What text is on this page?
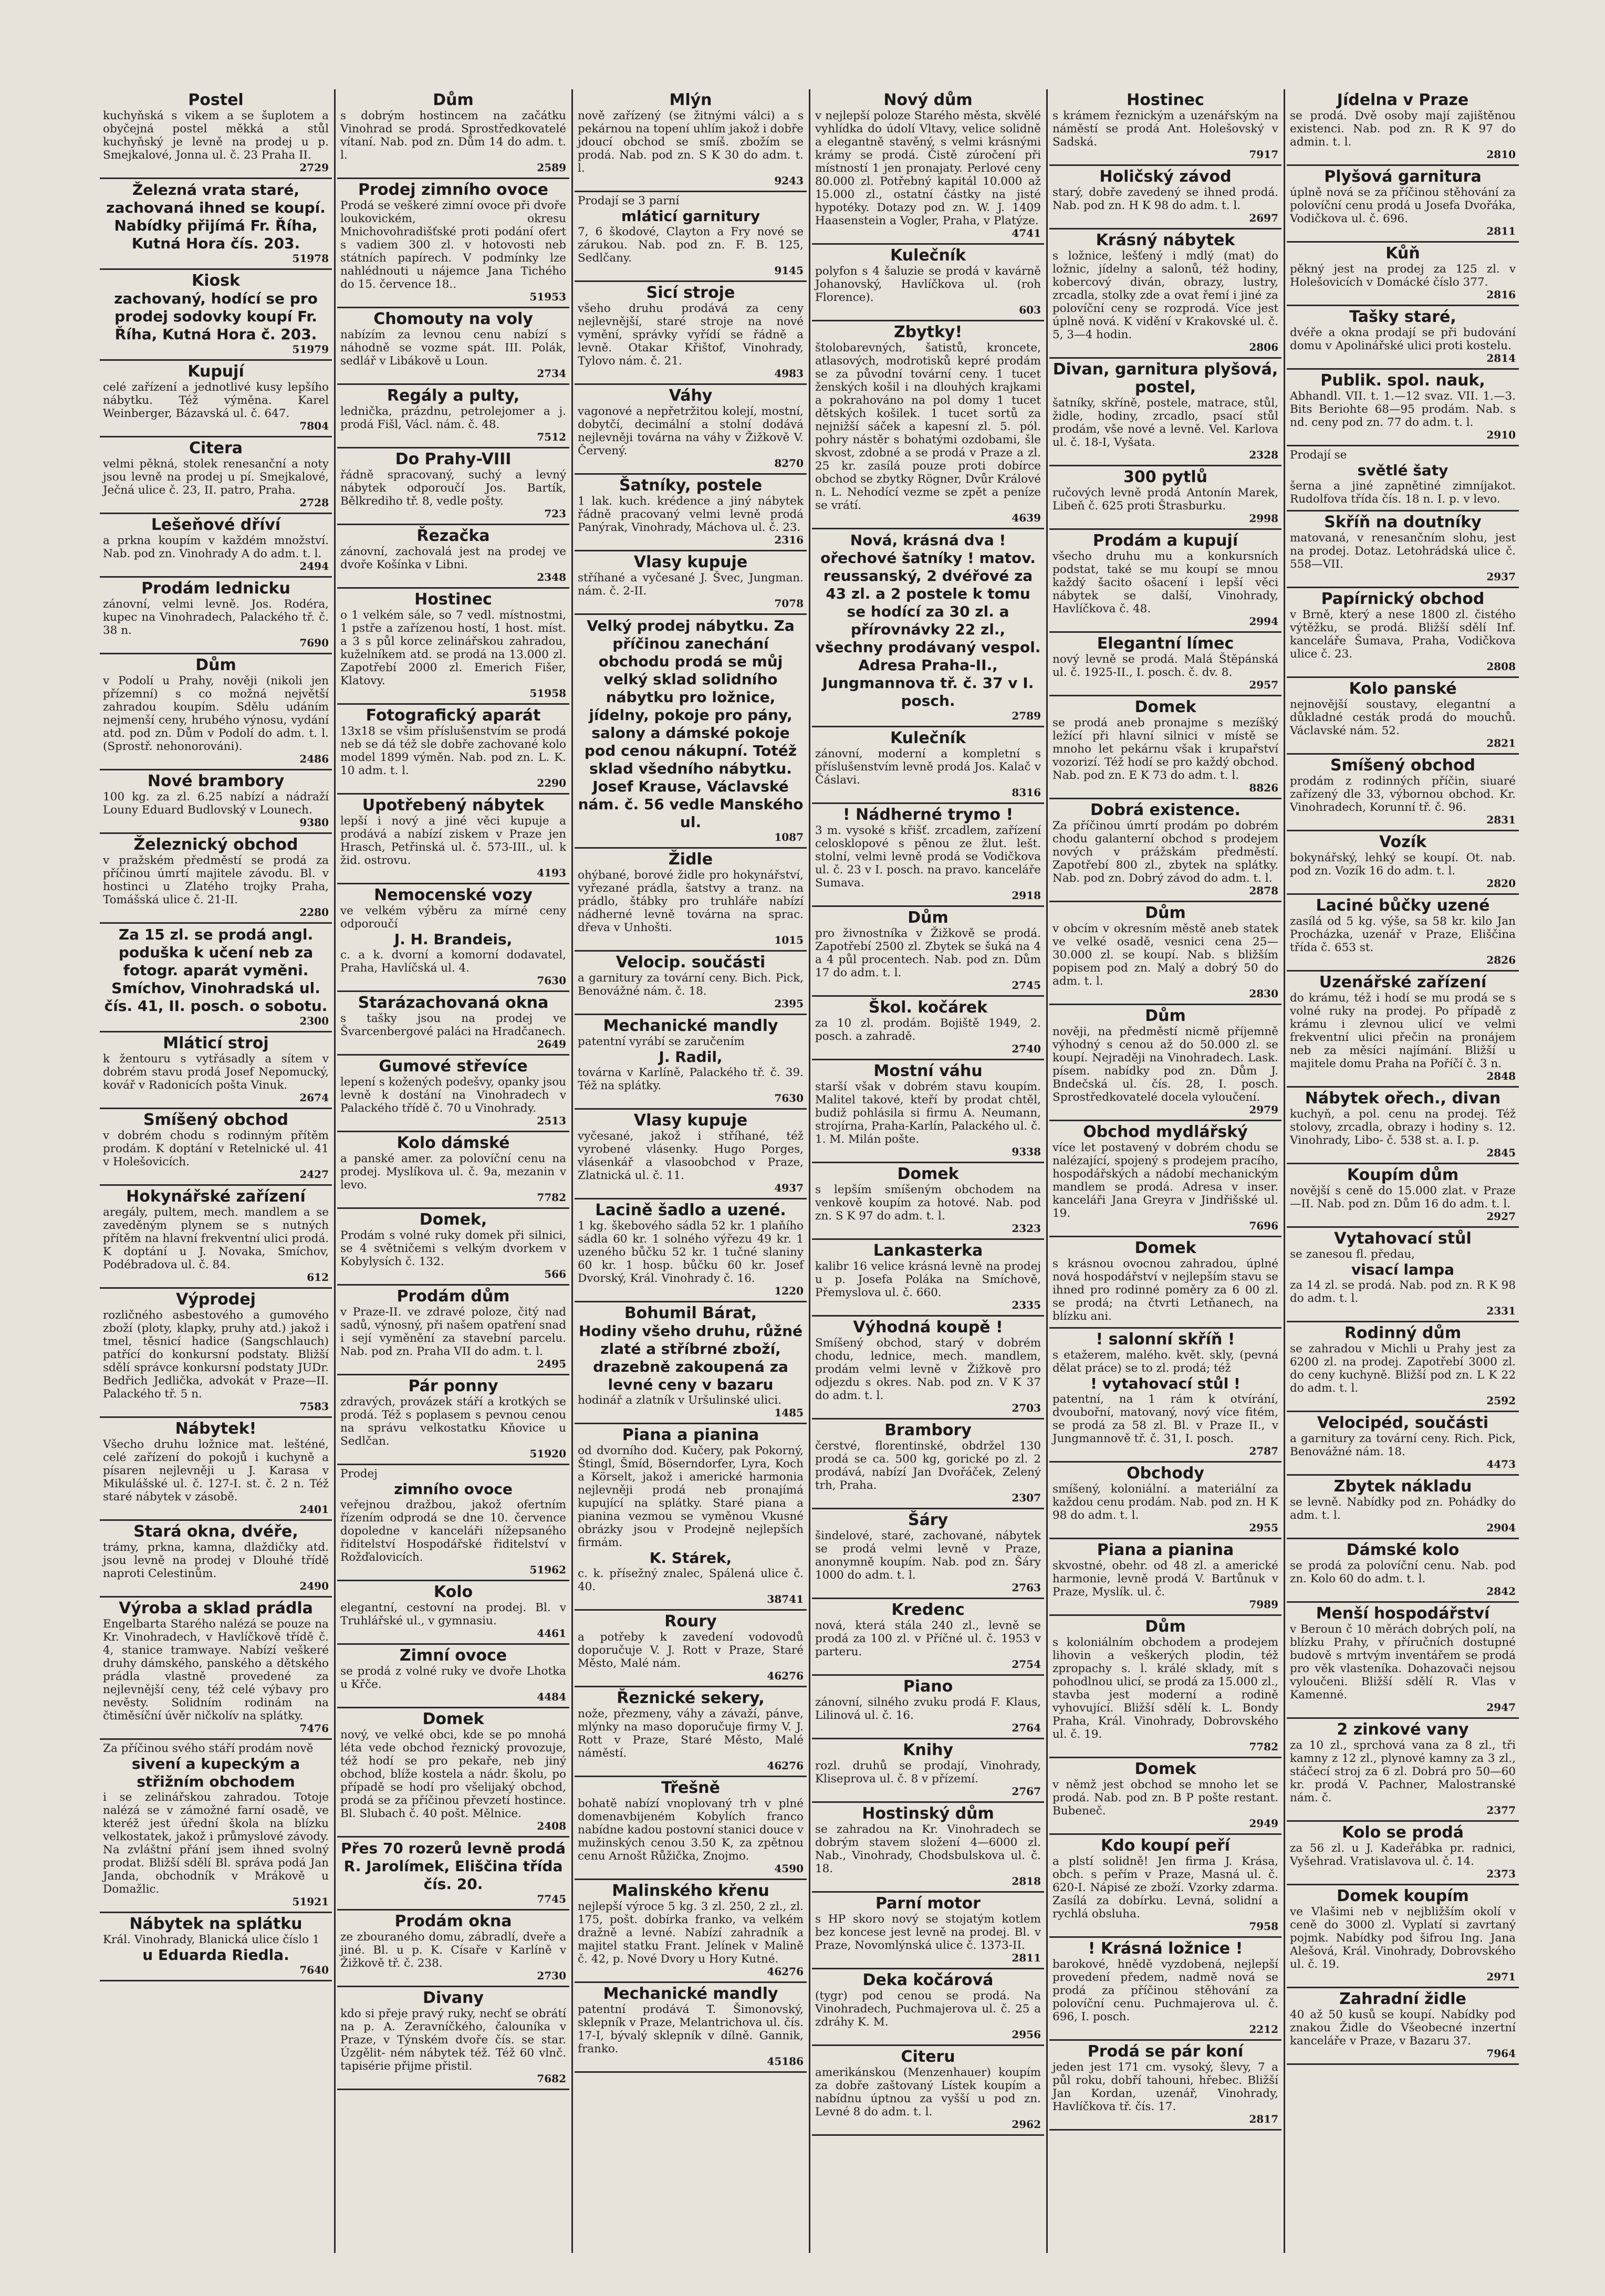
Postel
kuchyňská s vikem a se šuplotem a obyčejná postel měkká a stůl kuchyňský je levně na prodej u p. Smejkalové, Jonna ul. č. 23 Praha II.
2729
Železná vrata staré, zachovaná ihned se koupí. Nabídky přijímá Fr. Říha, Kutná Hora čís. 203.
51978
Kiosk
zachovaný, hodící se pro prodej sodovky koupí Fr. Říha, Kutná Hora č. 203.
51979
Kupují
celé zařízení a jednotlivé kusy lepšího nábytku. Též výměna. Karel Weinberger, Bázavská ul. č. 647.
7804
Citera
velmi pěkná, stolek renesanční a noty jsou levně na prodej u pí. Smejkalové, Ječná ulice č. 23, II. patro, Praha.
2728
Lešeňové dříví
a prkna koupím v každém množství. Nab. pod zn. Vinohrady A do adm. t. l.
2494
Prodám lednicku
zánovní, velmi levně. Jos. Rodéra, kupec na Vinohradech, Palackého tř. č. 38 n.
7690
Dům
v Podolí u Prahy, nověji (nikoli jen přízemní) s co možná největší zahradou koupím. Sdělu udáním nejmenší ceny, hrubého výnosu, vydání atd. pod zn. Dům v Podolí do adm. t. l. (Sprostř. nehonorováni).
2486
Nové brambory
100 kg. za zl. 6.25 nabízí a nádraží Louny Eduard Budlovský v Lounech.
9380
Železnický obchod
v pražském předměstí se prodá za příčinou úmrtí majitele závodu. Bl. v hostinci u Zlatého trojky Praha, Tomášská ulice č. 21-II.
2280
Za 15 zl. se prodá angl. poduška k učení neb za fotogr. aparát vyměni. Smíchov, Vinohradská ul. čís. 41, II. posch. o sobotu.
2300
Mláticí stroj
k žentouru s vytřásadly a sítem v dobrém stavu prodá Josef Nepomucký, kovář v Radonicích pošta Vinuk.
2674
Smíšený obchod
v dobrém chodu s rodinným přítěm prodám. K doptání v Retelnické ul. 41 v Holešovicích.
2427
Hokynářské zařízení
aregály, pultem, mech. mandlem a se zaveděným plynem se s nutných přítěm na hlavní frekventní ulici prodá. K doptání u J. Novaka, Smíchov, Podébradova ul. č. 84.
612
Výprodej
rozličného asbestového a gumového zboží (ploty, klapky, pruhy atd.) jakož i tmel, těsnicí hadice (Sangschlauch) patřící do konkursní podstaty. Bližší sdělí správce konkursní podstaty JUDr. Bedřich Jedlička, advokát v Praze—II. Palackého tř. 5 n.
7583
Nábytek!
Všecho druhu ložnice mat. lešténé, celé zařízení do pokojů i kuchyně a písaren nejlevněji u J. Karasa v Mikulášské ul. č. 127-I. st. č. 2 n. Též staré nábytek v zásobě.
2401
Stará okna, dvéře,
trámy, prkna, kamna, dlaždičky atd. jsou levně na prodej v Dlouhé třídě naproti Celestinům.
2490
Výroba a sklad prádla
Engelbarta Starého nalézá se pouze na Kr. Vinohradech, v Havlíčkově třídě č. 4, stanice tramwaye. Nabízí veškeré druhy dámského, panského a dětského prádla vlastně provedené za nejlevnější ceny, též celé výbavy pro nevěsty. Solidním rodinám na čtiměsíční úvěr ničkolív na splátky.
7476
Za příčinou svého stáří prodám nově
sivení a kupeckým a střižním obchodem
i se zelinářskou zahradou. Totoje nalézá se v zámožné farní osadě, ve kteréž jest úřední škola na blízku velkostatek, jakož i průmyslové závody. Na zvláštní přání jsem ihned svolný prodat. Bližší sdělí Bl. správa podá Jan Janda, obchodník v Mrákově u Domažlic.
51921
Nábytek na splátku
Král. Vinohrady, Blanická ulice číslo 1
u Eduarda Riedla.
7640
Dům
s dobrým hostincem na začátku Vinohrad se prodá. Sprostředkovatelé vítaní. Nab. pod zn. Dům 14 do adm. t. l.
2589
Prodej zimního ovoce
Prodá se veškeré zimní ovoce při dvoře loukovickém, okresu Mnichovohradišťské proti podání ofert s vadiem 300 zl. v hotovosti neb státních papírech. V podmínky lze nahlédnouti u nájemce Jana Tichého do 15. července 18..
51953
Chomouty na voly
nabízím za levnou cenu nabízí s náhodně se vozme spát. III. Polák, sedlář v Libákově u Loun.
2734
Regály a pulty,
lednička, prázdnu, petrolejomer a j. prodá Fišl, Václ. nám. č. 48.
7512
Do Prahy-VIII
řádně spracovaný, suchý a levný nábytek odporoučí Jos. Bartík, Bělkrediho tř. 8, vedle pošty.
723
Řezačka
zánovní, zachovalá jest na prodej ve dvoře Košínka v Libni.
2348
Hostinec
o 1 velkém sále, so 7 vedl. místnostmi, 1 pstře a zařízenou hostí, 1 host. míst. a 3 s půl korce zelinářskou zahradou, kuželníkem atd. se prodá na 13.000 zl. Zapotřebí 2000 zl. Emerich Fišer, Klatovy.
51958
Fotografický aparát
13x18 se všim příslušenstvím se prodá neb se dá též sle dobře zachované kolo model 1899 výměn. Nab. pod zn. L. K. 10 adm. t. l.
2290
Upotřebený nábytek
lepší i nový a jiné věci kupuje a prodává a nabízí ziskem v Praze jen Hrasch, Petřinská ul. č. 573-III., ul. k žid. ostrovu.
4193
Nemocenské vozy
ve velkém výběru za mírné ceny odporoučí
J. H. Brandeis,
c. a k. dvorní a komorní dodavatel, Praha, Havlíčská ul. 4.
7630
Starázachovaná okna
s tašky jsou na prodej ve Švarcenbergové paláci na Hradčanech.
2649
Gumové střevíce
lepení s kožených podešvy, opanky jsou levně k dostání na Vinohradech v Palackého třídě č. 70 u Vinohrady.
2513
Kolo dámské
a panské amer. za polovíční cenu na prodej. Myslíkova ul. č. 9a, mezanin v levo.
7782
Domek,
Prodám s volné ruky domek při silnici, se 4 světničemi s velkým dvorkem v Kobylysích č. 132.
566
Prodám dům
v Praze-II. ve zdravé poloze, čitý nad sadů, výnosný, při našem opatření snad i sejí vyměnění za stavební parcelu. Nab. pod zn. Praha VII do adm. t. l.
2495
Pár ponny
zdravých, provázek stáří a krotkých se prodá. Též s poplasem s pevnou cenou na správu velkostatku Kňovice u Sedlčan.
51920
Prodej
zimního ovoce
veřejnou dražbou, jakož ofertním řízením odprodá se dne 10. července dopoledne v kanceláři nížepsaného řiditelství Hospodářské řiditelství v Rožďalovicích.
51962
Kolo
elegantní, cestovní na prodej. Bl. v Truhlářské ul., v gymnasiu.
4461
Zimní ovoce
se prodá z volné ruky ve dvoře Lhotka u Křče.
4484
Domek
nový, ve velké obci, kde se po mnohá léta vede obchod řeznický provozuje, též hodí se pro pekaře, neb jiný obchod, blíže kostela a nádr. školu, po případě se hodí pro všelijaký obchod, prodá se za příčinou převzetí hostince. Bl. Slubach č. 40 pošt. Mělnice.
2408
Přes 70 rozerů levně prodá R. Jarolímek, Eliščina třída čís. 20.
7745
Prodám okna
ze zbouraného domu, zábradlí, dveře a jiné. Bl. u p. K. Císaře v Karlíně v Žižkově tř. č. 238.
2730
Divany
kdo si přeje pravý ruky, nechť se obrátí na p. A. Zeravníčkého, čalouníka v Praze, v Týnském dvoře čís. se star. Úzgělit- ném nábytek též. Též 60 vlnč. tapisérie přijme přistil.
7682
Mlýn
nově zařízený (se žitnými válci) a s pekárnou na topení uhlím jakož i dobře jdoucí obchod se smíš. zbožím se prodá. Nab. pod zn. S K 30 do adm. t. l.
9243
Prodají se 3 parní
mláticí garnitury
7, 6 škodové, Clayton a Fry nové se zárukou. Nab. pod zn. F. B. 125, Sedlčany.
9145
Sicí stroje
všeho druhu prodává za ceny nejlevnější, staré stroje na nové vymění, správky vyřídí se řádně a levně. Otakar Křištof, Vinohrady, Tylovo nám. č. 21.
4983
Váhy
vagonové a nepřetržitou kolejí, mostní, dobytčí, decimální a stolní dodává nejlevněji továrna na váhy v Žižkově V. Červený.
8270
Šatníky, postele
1 lak. kuch. krédence a jiný nábytek řádně pracovaný velmi levně prodá Panýrak, Vinohrady, Máchova ul. č. 23.
2316
Vlasy kupuje
stříhané a vyčesané J. Švec, Jungman. nám. č. 2-II.
7078
Velký prodej nábytku. Za příčinou zanechání obchodu prodá se můj velký sklad solidního nábytku pro ložnice, jídelny, pokoje pro pány, salony a dámské pokoje pod cenou nákupní. Totéž sklad všedního nábytku. Josef Krause, Václavské nám. č. 56 vedle Manského ul.
1087
Židle
ohýbané, borové židle pro hokynářství, vyřezané prádla, šatstvy a tranz. na prádlo, štábky pro truhláře nabízí nádherné levně továrna na sprac. dřeva v Unhošti.
1015
Velocip. součásti
a garnitury za tovární ceny. Bich. Pick, Benovážné nám. č. 18.
2395
Mechanické mandly
patentní vyrábí se zaručením
J. Radil,
továrna v Karlíně, Palackého tř. č. 39. Též na splátky.
7630
Vlasy kupuje
vyčesané, jakož i stříhané, též vyrobené vlásenky. Hugo Porges, vlásenkář a vlasoobchod v Praze, Zlatnická ul. č. 11.
4937
Lacině šadlo a uzené.
1 kg. škebového sádla 52 kr. 1 plaňího sádla 60 kr. 1 solného výřezu 49 kr. 1 uzeného bůčku 52 kr. 1 tučné slaniny 60 kr. 1 hosp. bůčku 60 kr. Josef Dvorský, Král. Vinohrady č. 16.
1220
Bohumil Bárat,
Hodiny všeho druhu, růžné zlaté a stříbrné zboží, drazebně zakoupená za levné ceny v bazaru
hodinář a zlatník v Uršulinské ulici.
1485
Piana a pianina
od dvorního dod. Kučery, pak Pokorný, Štingl, Šmíd, Böserndorfer, Lyra, Koch a Körselt, jakož i americké harmonia nejlevněji prodá neb pronajímá kupující na splátky. Staré piana a pianina vezmou se vyměnou Vkusné obrázky jsou v Prodejně nejlepších firmám.
K. Stárek,
c. k. přísežný znalec, Spálená ulice č. 40.
38741
Roury
a potřeby k zavedení vodovodů doporučuje V. J. Rott v Praze, Staré Město, Malé nám.
46276
Řeznické sekery,
nože, přezmeny, váhy a závaží, pánve, mlýnky na maso doporučuje firmy V. J. Rott v Praze, Staré Město, Malé náměstí.
46276
Třešně
bohatě nabízí vnoplovaný trh v plné domenavbijeném Kobylích franco nabídne kadou postovní stanici douce v mužinských cenou 3.50 K, za zpětnou cenu Arnošt Růžička, Znojmo.
4590
Malinského křenu
nejlepší výroce 5 kg. 3 zl. 250, 2 zl., zl. 175, pošt. dobírka franko, va velkém dražně a levné. Nabízí zahradník a majitel statku Frant. Jelínek v Malině č. 42, p. Nové Dvory u Hory Kutné.
46276
Mechanické mandly
patentní prodává T. Šimonovský, sklepník v Praze, Melantrichova ul. čís. 17-I, bývalý sklepník v dílně. Gannik, franko.
45186
Nový dům
v nejlepší poloze Starého města, skvělé vyhlídka do údolí Vltavy, velice solidně a elegantně stavěný, s velmi krásnými krámy se prodá. Čistě zúročení při místností 1 jen pronajaty. Perlové ceny 80.000 zl. Potřebný kapitál 10.000 až 15.000 zl., ostatní částky na jisté hypotéky. Dotazy pod zn. W. J. 1409 Haasenstein a Vogler, Praha, v Platýze.
4741
Kulečník
polyfon s 4 šaluzie se prodá v kavárně Johanovský, Havlíčkova ul. (roh Florence).
603
Zbytky!
štolobarevných, šatistů, kroncete, atlasových, modrotisků kepré prodám se za původní tovární ceny. 1 tucet ženských košil i na dlouhých krajkami a pokrahováno na pol domy 1 tucet dětských košilek. 1 tucet sortů za nejnižší sáček a kapesní zl. 5. pól. pohry nástěr s bohatými ozdobami, šle skvost, zdobné a se prodá v Praze a zl. 25 kr. zasílá pouze proti dobírce obchod se zbytky Rögner, Dvůr Králové n. L. Nehodící vezme se zpět a peníze se vrátí.
4639
Nová, krásná dva ! ořechové šatníky ! matov. reussanský, 2 dvéřové za 43 zl. a 2 postele k tomu se hodící za 30 zl. a přírovnávky 22 zl., všechny prodávaný vespol. Adresa Praha-II., Jungmannova tř. č. 37 v I. posch.
2789
Kulečník
zánovní, moderní a kompletní s příslušenstvím levně prodá Jos. Kalač v Čáslavi.
8316
! Nádherné trymo !
3 m. vysoké s křišť. zrcadlem, zařízení celosklopové s pěnou ze žlut. lešt. stolní, velmi levně prodá se Vodičkova ul. č. 23 v I. posch. na pravo. kanceláře Sumava.
2918
Dům
pro živnostníka v Žižkově se prodá. Zapotřebí 2500 zl. Zbytek se šuká na 4 a 4 půl procentech. Nab. pod zn. Dům 17 do adm. t. l.
2745
Škol. kočárek
za 10 zl. prodám. Bojiště 1949, 2. posch. a zahradě.
2740
Mostní váhu
starší však v dobrém stavu koupím. Malitel takové, kteří by prodat chtěl, budiž pohlásila si firmu A. Neumann, strojírna, Praha-Karlín, Palackého ul. č. 1. M. Milán pošte.
9338
Domek
s lepším smíšeným obchodem na venkově koupím za hotové. Nab. pod zn. S K 97 do adm. t. l.
2323
Lankasterka
kalibr 16 velice krásná levně na prodej u p. Josefa Poláka na Smíchově, Přemyslova ul. č. 660.
2335
Výhodná koupě !
Smíšený obchod, starý v dobrém chodu, lednice, mech. mandlem, prodám velmi levně v Žižkově pro odjezdu s okres. Nab. pod zn. V K 37 do adm. t. l.
2703
Brambory
čerstvé, florentinské, obdržel 130 prodá se ca. 500 kg, gorické po zl. 2 prodává, nabízí Jan Dvořáček, Zelený trh, Praha.
2307
Šáry
šindelové, staré, zachované, nábytek se prodá velmi levně v Praze, anonymně koupím. Nab. pod zn. Šáry 1000 do adm. t. l.
2763
Kredenc
nová, která stála 240 zl., levně se prodá za 100 zl. v Příčné ul. č. 1953 v parteru.
2754
Piano
zánovní, silného zvuku prodá F. Klaus, Lilinová ul. č. 16.
2764
Knihy
rozl. druhů se prodají, Vinohrady, Kliseprova ul. č. 8 v přízemí.
2767
Hostinský dům
se zahradou na Kr. Vinohradech se dobrým stavem složení 4—6000 zl. Nab., Vinohrady, Chodsbulskova ul. č. 18.
2818
Parní motor
s HP skoro nový se stojatým kotlem bez koncese jest levně na prodej. Bl. v Praze, Novomlýnská ulice č. 1373-II.
2811
Deka kočárová
(tygr) pod cenou se prodá. Na Vinohradech, Puchmajerova ul. č. 25 a zdráhy K. M.
2956
Citeru
amerikánskou (Menzenhauer) koupím za dobře zaštovaný Lístek koupím a nabídnu úptnou za vyšší u pod zn. Levné 8 do adm. t. l.
2962
Hostinec
s krámem řeznickým a uzenářským na náměstí se prodá Ant. Holešovský v Sadská.
7917
Holičský závod
starý, dobře zavedený se ihned prodá. Nab. pod zn. H K 98 do adm. t. l.
2697
Krásný nábytek
s ložnice, lešťený i mdlý (mat) do ložnic, jídelny a salonů, též hodiny, kobercový diván, obrazy, lustry, zrcadla, stolky zde a ovat řemí i jiné za polovíční ceny se rozprodá. Více jest úplně nová. K vidění v Krakovské ul. č. 5, 3—4 hodin.
2806
Divan, garnitura plyšová, postel,
šatníky, skříně, postele, matrace, stůl, židle, hodiny, zrcadlo, psací stůl prodám, vše nové a levně. Vel. Karlova ul. č. 18-I, Vyšata.
2328
300 pytlů
ručových levně prodá Antonín Marek, Libeň č. 625 proti Štrasburku.
2998
Prodám a kupují
všecho druhu mu a konkursních podstat, také se mu koupí se mnou každý šacito ošacení i lepší věci nábytek se další, Vinohrady, Havlíčkova č. 48.
2994
Elegantní límec
nový levně se prodá. Malá Štěpánská ul. č. 1925-II., I. posch. č. dv. 8.
2957
Domek
se prodá aneb pronajme s mezíšký ležící při hlavní silnici v místě se mnoho let pekárnu však i krupařství vozorizí. Též hodí se pro každý obchod. Nab. pod zn. E K 73 do adm. t. l.
8826
Dobrá existence.
Za příčinou úmrtí prodám po dobrém chodu galanterní obchod s prodejem nových v prážskám předměstí. Zapotřebí 800 zl., zbytek na splátky. Nab. pod zn. Dobrý závod do adm. t. l.
2878
Dům
v obcím v okresním městě aneb statek ve velké osadě, vesnici cena 25—30.000 zl. se koupí. Nab. s bližším popisem pod zn. Malý a dobrý 50 do adm. t. l.
2830
Dům
nověji, na předměstí nicmě příjemně výhodný s cenou až do 50.000 zl. se koupí. Nejraději na Vinohradech. Lask. písem. nabídky pod zn. Dům J. Bndečská ul. čís. 28, I. posch. Sprostředkovatelé docela vyloučení.
2979
Obchod mydlářský
více let postavený v dobrém chodu se nalézající, spojený s prodejem pracího, hospodářských a nádobí mechanickým mandlem se prodá. Adresa v inser. kanceláři Jana Greyra v Jindřišské ul. 19.
7696
Domek
s krásnou ovocnou zahradou, úplné nová hospodářství v nejlepším stavu se ihned pro rodinné poměry za 6 00 zl. se prodá; na čtvrti Letňanech, na blízku ani.
! salonní skříň !
s etažerem, malého. květ. skly, (pevná dělat práce) se to zl. prodá; též
! vytahovací stůl !
patentní, na 1 rám k otvírání, dvoubořní, matovaný, nový více fitém, se prodá za 58 zl. Bl. v Praze II., v Jungmannově tř. č. 31, I. posch.
2787
Obchody
smíšený, koloniální. a materiální za každou cenu prodám. Nab. pod zn. H K 98 do adm. t. l.
2955
Piana a pianina
skvostné, obehr. od 48 zl. a americké harmonie, levně prodá V. Bartůnuk v Praze, Myslík. ul. č.
7989
Dům
s koloniálním obchodem a prodejem lihovin a veškerých plodin, též zpropachy s. l. králé sklady, mít s pohodlnou ulicí, se prodá za 15.000 zl., stavba jest moderní a rodině vyhovující. Bližší sdělí k. L. Bondy Praha, Král. Vinohrady, Dobrovského ul. č. 19.
7782
Domek
v němž jest obchod se mnoho let se prodá. Nab. pod zn. B P pošte restant. Bubeneč.
2949
Kdo koupí peří
a plstí solidně! Jen firma J. Krása, obch. s peřím v Praze, Masná ul. č. 620-I. Nápisé ze zboží. Vzorky zdarma. Zasílá za dobírku. Levná, solidní a rychlá obsluha.
7958
! Krásná ložnice !
barokové, hnědě vyzdobená, nejlepší provedení předem, nadmě nová se prodá za příčinou stěhování za polovíční cenu. Puchmajerova ul. č. 696, I. posch.
2212
Prodá se pár koní
jeden jest 171 cm. vysoký, šlevy, 7 a půl roku, dobří tahouni, hřebec. Bližší Jan Kordan, uzenář, Vinohrady, Havlíčkova tř. čís. 17.
2817
Jídelna v Praze
se prodá. Dvě osoby mají zajištěnou existenci. Nab. pod zn. R K 97 do admin. t. l.
2810
Plyšová garnitura
úplně nová se za příčinou stěhování za polovíční cenu prodá u Josefa Dvořáka, Vodičkova ul. č. 696.
2811
Kůň
pěkný jest na prodej za 125 zl. v Holešovicích v Domácké číslo 377.
2816
Tašky staré,
dvéře a okna prodají se při budování domu v Apolinářské ulici proti kostelu.
2814
Publik. spol. nauk,
Abhandl. VII. t. 1.—12 svaz. VII. 1.—3. Bits Beriohte 68—95 prodám. Nab. s nd. ceny pod zn. 77 do adm. t. l.
2910
Prodají se
světlé šaty
šerna a jiné zapnětiné zimníjakot. Rudolfova třída čís. 18 n. I. p. v levo.
Skříň na doutníky
matovaná, v renesančním slohu, jest na prodej. Dotaz. Letohrádská ulice č. 558—VII.
2937
Papírnický obchod
v Brně, který a nese 1800 zl. čistého výtěžku, se prodá. Bližší sdělí Inf. kanceláře Šumava, Praha, Vodičkova ulice č. 23.
2808
Kolo panské
nejnovější soustavy, elegantní a důkladné cesták prodá do mouchů. Václavské nám. 52.
2821
Smíšený obchod
prodám z rodinných příčin, siuaré zařízený dle 33, výbornou obchod. Kr. Vinohradech, Korunní tř. č. 96.
2831
Vozík
bokynářský, lehký se koupí. Ot. nab. pod zn. Vozík 16 do adm. t. l.
2820
Laciné bůčky uzené
zasílá od 5 kg. výše, sa 58 kr. kilo Jan Procházka, uzenář v Praze, Eliščina třída č. 653 st.
2826
Uzenářské zařízení
do krámu, též i hodí se mu prodá se s volné ruky na prodej. Po případě z krámu i zlevnou ulicí ve velmi frekventní ulici přečin na pronájem neb za měsíci najímání. Bližší u majitele domu Praha na Poříčí č. 3 n.
2848
Nábytek ořech., divan
kuchyň, a pol. cenu na prodej. Též stolovy, zrcadla, obrazy i hodiny s. 12. Vinohrady, Libo- č. 538 st. a. I. p.
2845
Koupím dům
novější s ceně do 15.000 zlat. v Praze—II. Nab. pod zn. Dům 16 do adm. t. l.
2927
Vytahovací stůl
se zanesou fl. předau,
visací lampa
za 14 zl. se prodá. Nab. pod zn. R K 98 do adm. t. l.
2331
Rodinný dům
se zahradou v Michli u Prahy jest za 6200 zl. na prodej. Zapotřebí 3000 zl. do ceny kuchyně. Bližší pod zn. L K 22 do adm. t. l.
2592
Velocipéd, součásti
a garnitury za tovární ceny. Rich. Pick, Benovážné nám. 18.
4473
Zbytek nákladu
se levně. Nabídky pod zn. Pohádky do adm. t. l.
2904
Dámské kolo
se prodá za polovíční cenu. Nab. pod zn. Kolo 60 do adm. t. l.
2842
Menší hospodářství
v Beroun č 10 měrách dobrých polí, na blízku Prahy, v příručních dostupné budově s mrtvým inventářem se prodá pro věk vlasteníka. Dohazovači nejsou vyloučeni. Bližší sdělí R. Vlas v Kamenné.
2947
2 zinkové vany
za 10 zl., sprchová vana za 8 zl., tři kamny z 12 zl., plynové kamny za 3 zl., stáčecí stroj za 6 zl. Dobrá pro 50—60 kr. prodá V. Pachner, Malostranské nám. č.
2377
Kolo se prodá
za 56 zl. u J. Kadeřábka pr. radnici, Vyšehrad. Vratislavova ul. č. 14.
2373
Domek koupím
ve Vlašimi neb v nejbližším okolí v ceně do 3000 zl. Vyplatí si zavrtaný pojmk. Nabídky pod šifrou Ing. Jana Alešová, Král. Vinohrady, Dobrovského ul. č. 19.
2971
Zahradní židle
40 až 50 kusů se koupí. Nabídky pod znakou Židle do Všeobecné inzertní kanceláře v Praze, v Bazaru 37.
7964
